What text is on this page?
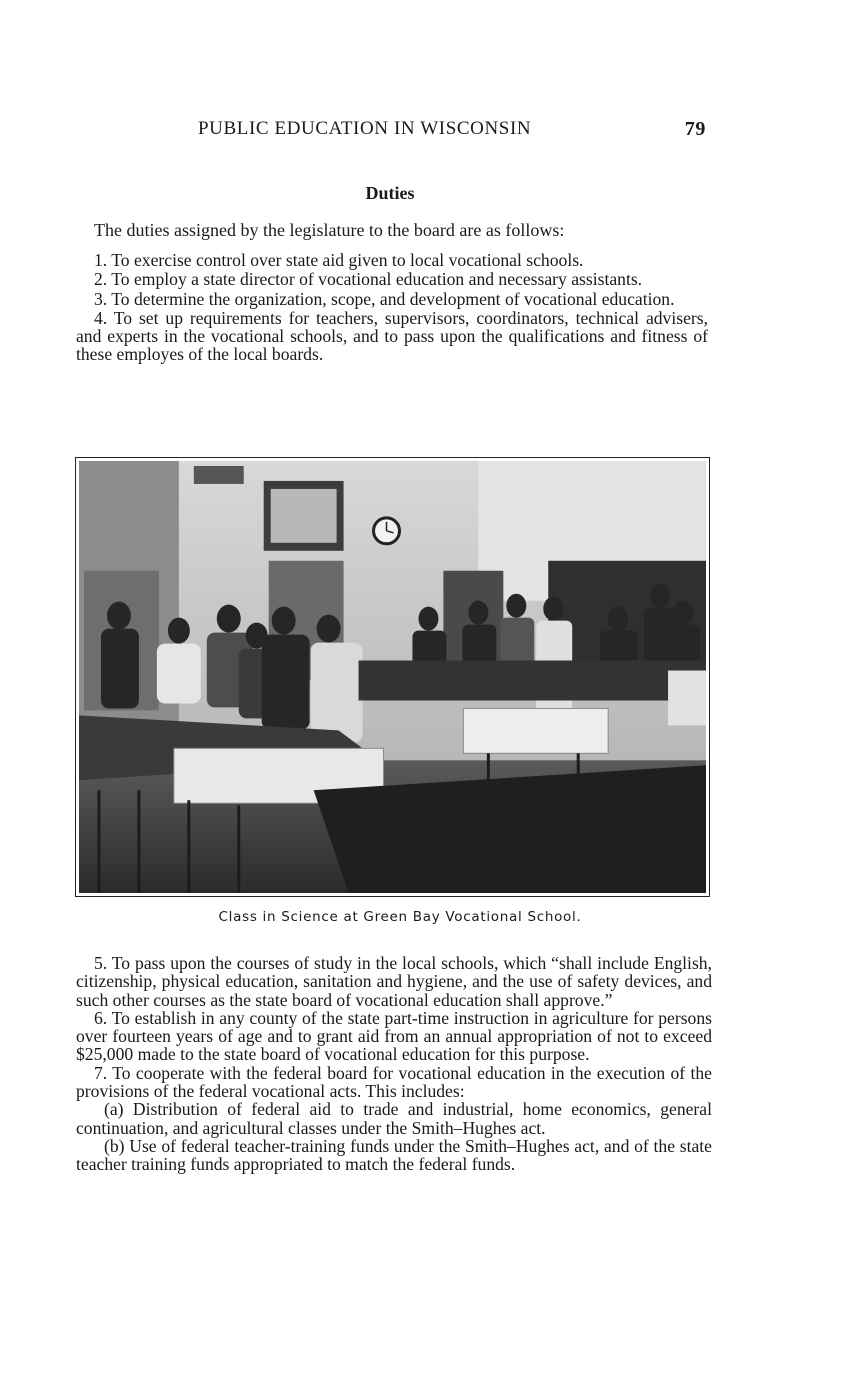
PUBLIC EDUCATION IN WISCONSIN	79
Duties

The duties assigned by the legislature to the board are as follows:

1. To exercise control over state aid given to local vocational schools.

2. To employ a state director of vocational education and necessary assistants.

3. To determine the organization, scope, and development of vocational education.

4. To set up requirements for teachers, supervisors, coordinators, technical advisers, and experts in the vocational schools, and to pass upon the qualifications and fitness of these employes of the local boards.

Class in Science at Green Bay Vocational School.

5. To pass upon the courses of study in the local schools, which “shall include English, citizenship, physical education, sanitation and hygiene, and the use of safety devices, and such other courses as the state board of vocational education shall approve.”

6. To establish in any county of the state part-time instruction in agriculture for persons over fourteen years of age and to grant aid from an annual appropriation of not to exceed $25,000 made to the state board of vocational education for this purpose.

7. To cooperate with the federal board for vocational education in the execution of the provisions of the federal vocational acts. This includes:

(a) Distribution of federal aid to trade and industrial, home economics, general continuation, and agricultural classes under the Smith–Hughes act.

(b) Use of federal teacher-training funds under the Smith–Hughes act, and of the state teacher training funds appropriated to match the federal funds.
